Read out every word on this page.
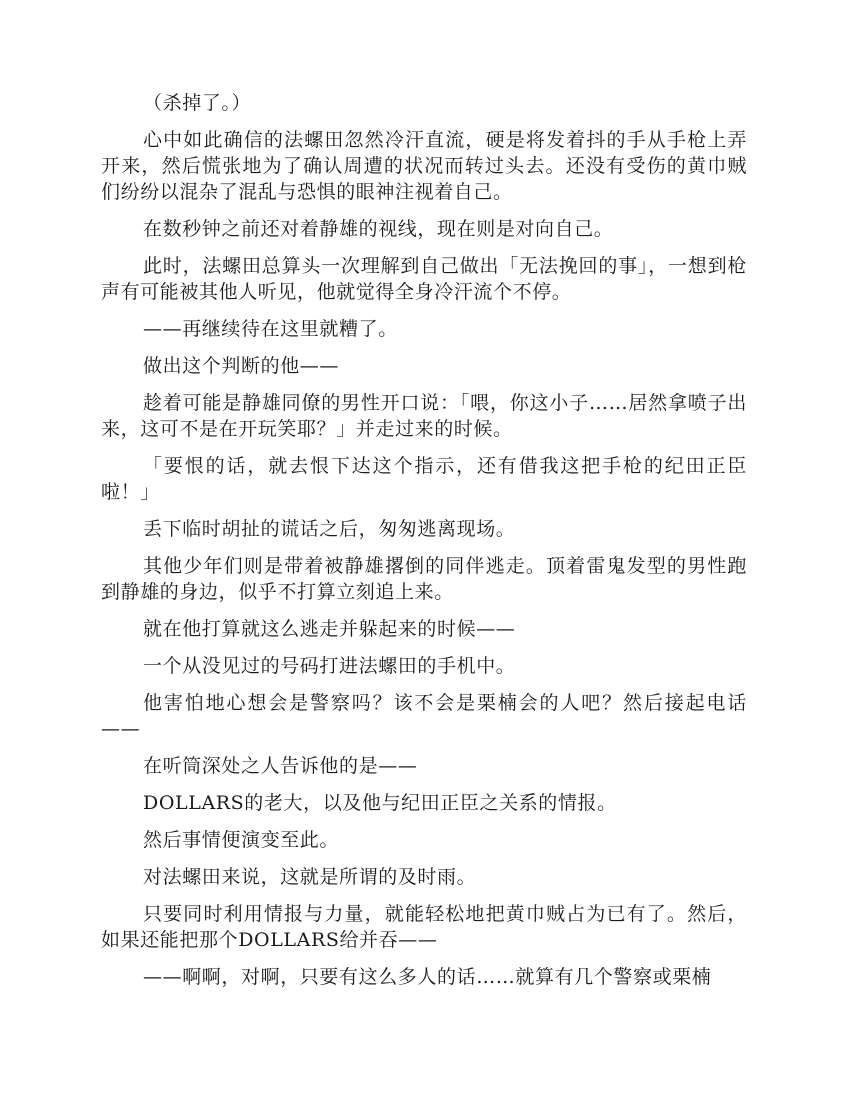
（杀掉了。）

心中如此确信的法螺田忽然冷汗直流，硬是将发着抖的手从手枪上弄开来，然后慌张地为了确认周遭的状况而转过头去。还没有受伤的黄巾贼们纷纷以混杂了混乱与恐惧的眼神注视着自己。

在数秒钟之前还对着静雄的视线，现在则是对向自己。

此时，法螺田总算头一次理解到自己做出「无法挽回的事」，一想到枪声有可能被其他人听见，他就觉得全身冷汗流个不停。

——再继续待在这里就糟了。

做出这个判断的他——

趁着可能是静雄同僚的男性开口说：「喂，你这小子……居然拿喷子出来，这可不是在开玩笑耶？」并走过来的时候。

「要恨的话，就去恨下达这个指示，还有借我这把手枪的纪田正臣啦！」

丢下临时胡扯的谎话之后，匆匆逃离现场。

其他少年们则是带着被静雄撂倒的同伴逃走。顶着雷鬼发型的男性跑到静雄的身边，似乎不打算立刻追上来。

就在他打算就这么逃走并躲起来的时候——

一个从没见过的号码打进法螺田的手机中。

他害怕地心想会是警察吗？该不会是栗楠会的人吧？然后接起电话——

在听筒深处之人告诉他的是——

DOLLARS的老大，以及他与纪田正臣之关系的情报。

然后事情便演变至此。

对法螺田来说，这就是所谓的及时雨。

只要同时利用情报与力量，就能轻松地把黄巾贼占为已有了。然后，如果还能把那个DOLLARS给并吞——

——啊啊，对啊，只要有这么多人的话……就算有几个警察或栗楠
